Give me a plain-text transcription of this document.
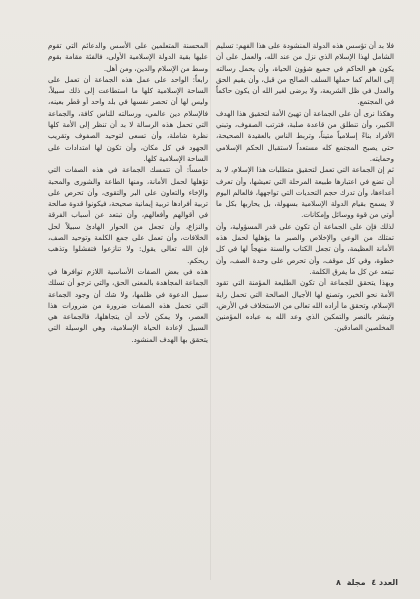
فلا بد أن تؤسس هذه الدولة المنشودة على هذا الفهم: تسليم الشامل لهذا الإسلام الذي نزل من عند الله، والعمل على أن يكون هو الحاكم في جميع شؤون الحياة، وأن يحمل رسالته إلى العالم كما حملها السلف الصالح من قبل، وأن يقيم الحق والعدل في ظل الشريعة، ولا يرضى لغير الله أن يكون حاكماً في المجتمع.

وهكذا نرى أن على الجماعة أن تهيئ الأمة لتحقيق هذا الهدف الكبير، وأن تنطلق من قاعدة صلبة، فترتب الصفوف، وتبني الأفراد بناءً إسلامياً متيناً، وتربط الناس بالعقيدة الصحيحة، حتى يصبح المجتمع كله مستعداً لاستقبال الحكم الإسلامي وحمايته.

ثم إن الجماعة التي تعمل لتحقيق متطلبات هذا الإسلام، لا بد أن تضع في اعتبارها طبيعة المرحلة التي تعيشها، وأن تعرف أعداءها، وأن تدرك حجم التحديات التي تواجهها، فالعالم اليوم لا يسمح بقيام الدولة الإسلامية بسهولة، بل يحاربها بكل ما أوتي من قوة ووسائل وإمكانات.

لذلك فإن على الجماعة أن تكون على قدر المسؤولية، وأن تمتلك من الوعي والإخلاص والصبر ما يؤهلها لحمل هذه الأمانة العظيمة، وأن تجعل الكتاب والسنة منهجاً لها في كل خطوة، وفي كل موقف، وأن تحرص على وحدة الصف، وأن تبتعد عن كل ما يفرق الكلمة.

وبهذا يتحقق للجماعة أن تكون الطليعة المؤمنة التي تقود الأمة نحو الخير، وتصنع لها الأجيال الصالحة التي تحمل راية الإسلام، وتحقق ما أراده الله تعالى من الاستخلاف في الأرض، وتبشر بالنصر والتمكين الذي وعد الله به عباده المؤمنين المخلصين الصادقين.

المحسنة المتعلمين على الأسس والدعائم التي تقوم عليها بقية الدولة الإسلامية الأولى، فالفئة مقامة بقوم وسط من الإسلام والدين، ومن أهل.

رابعاً: الواحد على عمل هذه الجماعة أن تعمل على الساحة الإسلامية كلها ما استطاعت إلى ذلك سبيلاً، وليس لها أن تحصر نفسها في بلد واحد أو قطر بعينه، فالإسلام دين عالمي، ورسالته للناس كافة، والجماعة التي تحمل هذه الرسالة لا بد أن تنظر إلى الأمة كلها نظرة شاملة، وأن تسعى لتوحيد الصفوف وتقريب الجهود في كل مكان، وأن تكون لها امتدادات على الساحة الإسلامية كلها.

خامساً: أن تتمسك الجماعة في هذه الصفات التي تؤهلها لحمل الأمانة، ومنها الطاعة والشورى والمحبة والإخاء والتعاون على البر والتقوى، وأن تحرص على تربية أفرادها تربية إيمانية صحيحة، فيكونوا قدوة صالحة في أقوالهم وأفعالهم، وأن تبتعد عن أسباب الفرقة والنزاع، وأن تجعل من الحوار الهادئ سبيلاً لحل الخلافات، وأن تعمل على جمع الكلمة وتوحيد الصف، فإن الله تعالى يقول: ولا تنازعوا فتفشلوا وتذهب ريحكم.

هذه في بعض الصفات الأساسية اللازم توافرها في الجماعة المجاهدة بالمعنى الحق، والتي ترجو أن تسلك سبيل الدعوة في ظلمها، ولا شك أن وجود الجماعة التي تحمل هذه الصفات ضرورة من ضرورات هذا العصر، ولا يمكن لأحد أن يتجاهلها، فالجماعة هي السبيل لإعادة الحياة الإسلامية، وهي الوسيلة التي يتحقق بها الهدف المنشود.

العدد ٤ مجلة ٨
